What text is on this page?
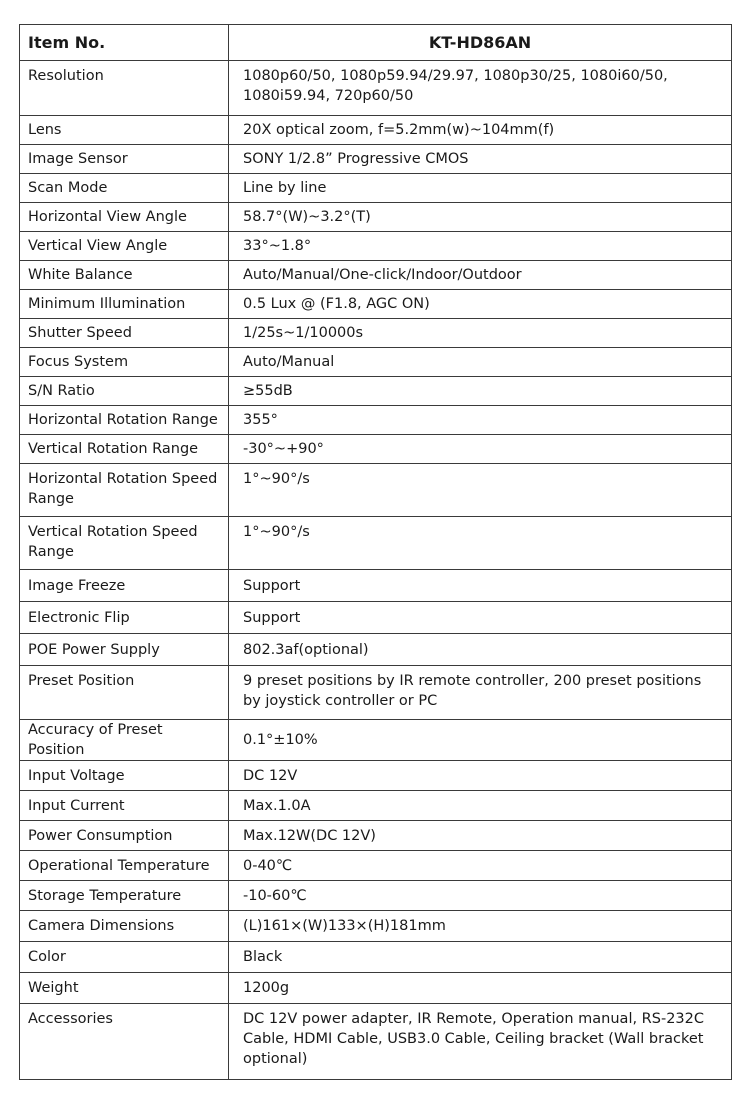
Item No.	KT-HD86AN
Resolution	1080p60/50, 1080p59.94/29.97, 1080p30/25, 1080i60/50, 1080i59.94, 720p60/50
Lens	20X optical zoom, f=5.2mm(w)~104mm(f)
Image Sensor	SONY 1/2.8” Progressive CMOS
Scan Mode	Line by line
Horizontal View Angle	58.7°(W)~3.2°(T)
Vertical View Angle	33°~1.8°
White Balance	Auto/Manual/One-click/Indoor/Outdoor
Minimum Illumination	0.5 Lux @ (F1.8, AGC ON)
Shutter Speed	1/25s~1/10000s
Focus System	Auto/Manual
S/N Ratio	≥55dB
Horizontal Rotation Range	355°
Vertical Rotation Range	-30°~+90°
Horizontal Rotation Speed Range	1°~90°/s
Vertical Rotation Speed Range	1°~90°/s
Image Freeze	Support
Electronic Flip	Support
POE Power Supply	802.3af(optional)
Preset Position	9 preset positions by IR remote controller, 200 preset positions by joystick controller or PC
Accuracy of Preset Position	0.1°±10%
Input Voltage	DC 12V
Input Current	Max.1.0A
Power Consumption	Max.12W(DC 12V)
Operational Temperature	0-40℃
Storage Temperature	-10-60℃
Camera Dimensions	(L)161×(W)133×(H)181mm
Color	Black
Weight	1200g
Accessories	DC 12V power adapter, IR Remote, Operation manual, RS-232C Cable, HDMI Cable, USB3.0 Cable, Ceiling bracket (Wall bracket optional)
